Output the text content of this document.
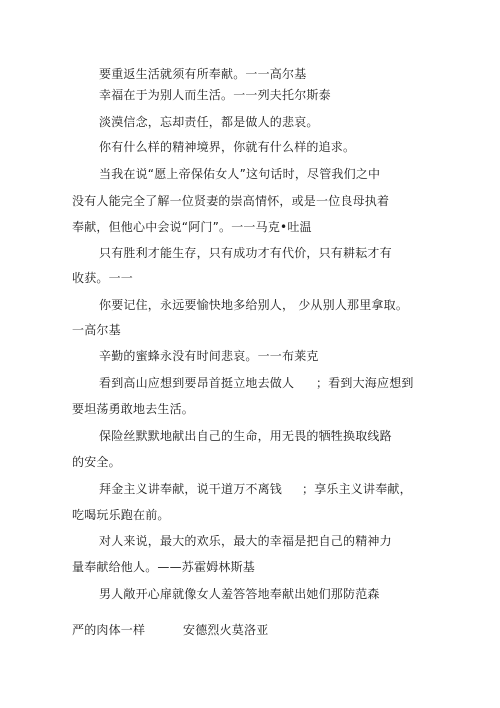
要重返生活就须有所奉献。一一高尔基
幸福在于为别人而生活。一一列夫托尔斯泰
淡漠信念，忘却责任，都是做人的悲哀。
你有什么样的精神境界，你就有什么样的追求。
当我在说“愿上帝保佑女人”这句话时，尽管我们之中
没有人能完全了解一位贤妻的崇高情怀，或是一位良母执着
奉献，但他心中会说“阿门”。一一马克•吐温
只有胜利才能生存，只有成功才有代价，只有耕耘才有
收获。一一
你要记住，永远要愉快地多给别人， 少从别人那里拿取。
一高尔基
辛勤的蜜蜂永没有时间悲哀。一一布莱克
看到高山应想到要昂首挺立地去做人 ；看到大海应想到
要坦荡勇敢地去生活。
保险丝默默地献出自己的生命，用无畏的牺牲换取线路
的安全。
拜金主义讲奉献，说干道万不离钱 ；享乐主义讲奉献，
吃喝玩乐跑在前。
对人来说，最大的欢乐，最大的幸福是把自己的精神力
量奉献给他人。——苏霍姆林斯基
男人敞开心扉就像女人羞答答地奉献出她们那防范森
严的肉体一样	安德烈火莫洛亚
